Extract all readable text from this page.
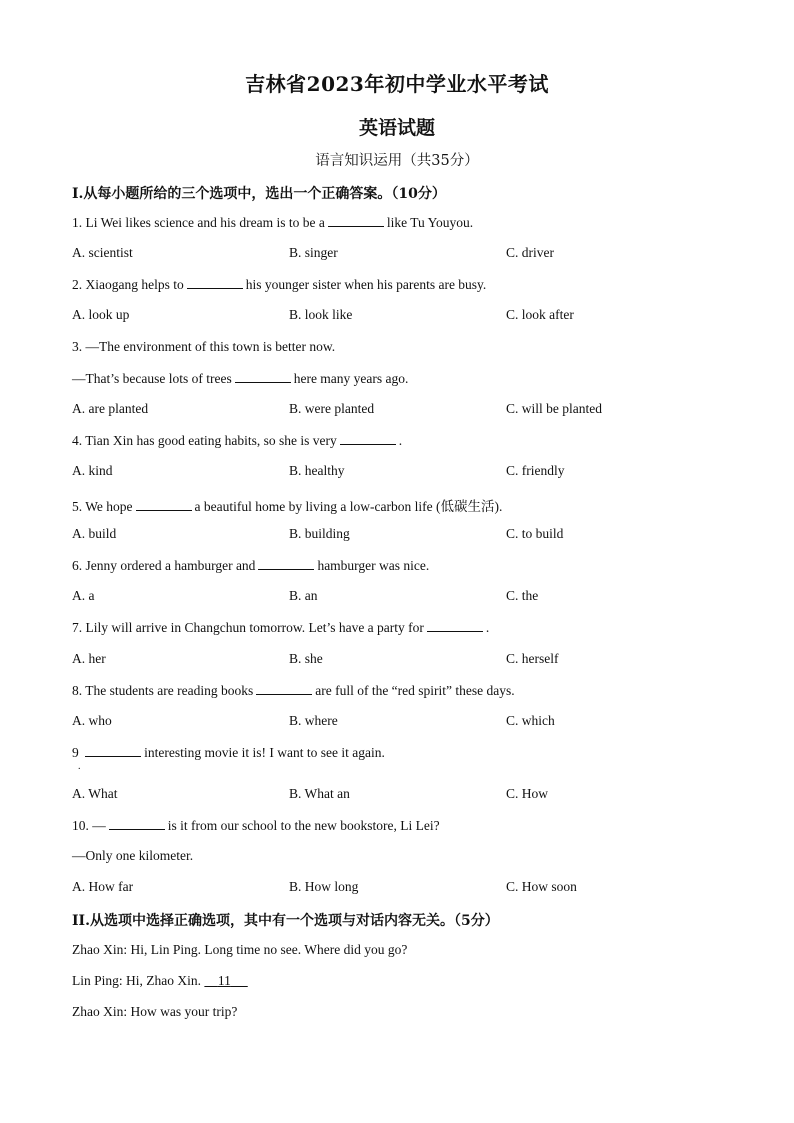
吉林省2023年初中学业水平考试
英语试题
语言知识运用（共35分）
I.从每小题所给的三个选项中，选出一个正确答案。（10分）
1. Li Wei likes science and his dream is to be a	like Tu Youyou.
A. scientist	B. singer	C. driver
2. Xiaogang helps to	his younger sister when his parents are busy.
A. look up	B. look like	C. look after
3. —The environment of this town is better now.
—That’s because lots of trees	here many years ago.
A. are planted	B. were planted	C. will be planted
4. Tian Xin has good eating habits, so she is very	.
A. kind	B. healthy	C. friendly
5. We hope	a beautiful home by living a low-carbon life (低碳生活).
A. build	B. building	C. to build
6. Jenny ordered a hamburger and	hamburger was nice.
A. a	B. an	C. the
7. Lily will arrive in Changchun tomorrow. Let’s have a party for	.
A. her	B. she	C. herself
8. The students are reading books	are full of the “red spirit” these days.
A. who	B. where	C. which
9	interesting movie it is! I want to see it again.
.
A. What	B. What an	C. How
10. —	is it from our school to the new bookstore, Li Lei?
—Only one kilometer.
A. How far	B. How long	C. How soon
II.从选项中选择正确选项，其中有一个选项与对话内容无关。（5分）
Zhao Xin: Hi, Lin Ping. Long time no see. Where did you go?
Lin Ping: Hi, Zhao Xin. 11
Zhao Xin: How was your trip?
